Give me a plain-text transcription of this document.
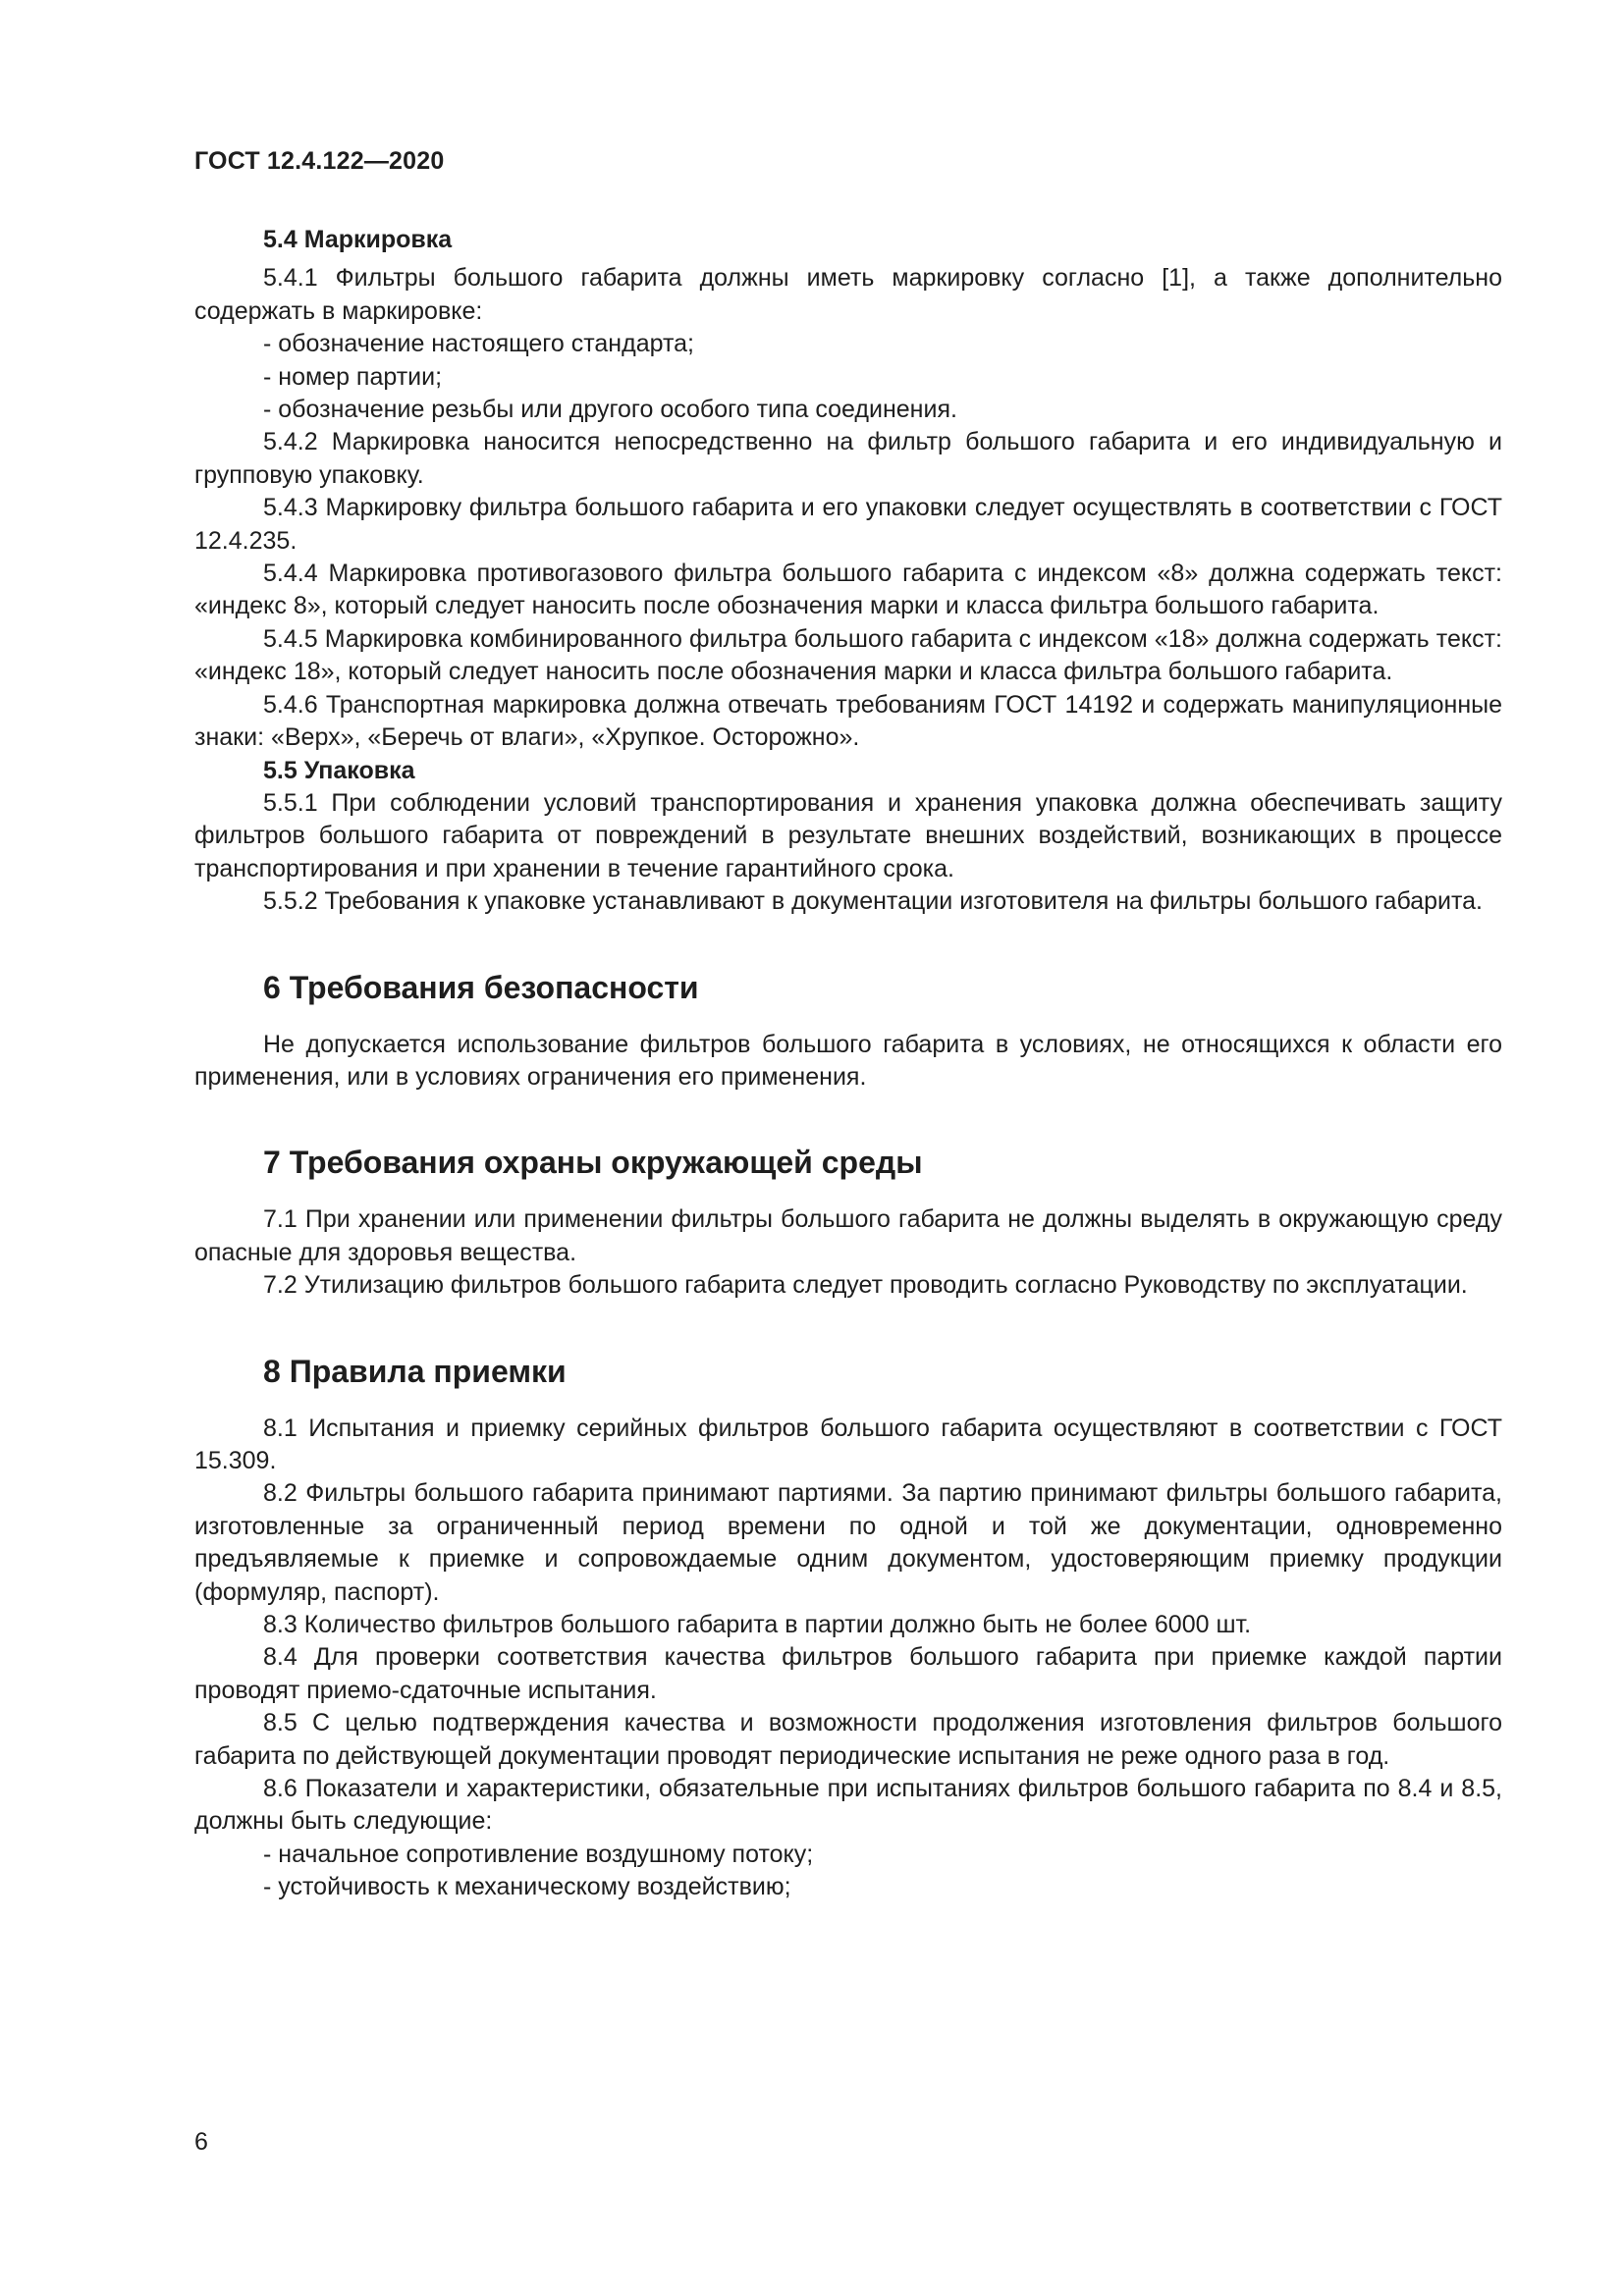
ГОСТ 12.4.122—2020
5.4 Маркировка

5.4.1 Фильтры большого габарита должны иметь маркировку согласно [1], а также дополнительно содержать в маркировке:

- обозначение настоящего стандарта;

- номер партии;

- обозначение резьбы или другого особого типа соединения.

5.4.2 Маркировка наносится непосредственно на фильтр большого габарита и его индивидуальную и групповую упаковку.

5.4.3 Маркировку фильтра большого габарита и его упаковки следует осуществлять в соответствии с ГОСТ 12.4.235.

5.4.4 Маркировка противогазового фильтра большого габарита с индексом «8» должна содержать текст: «индекс 8», который следует наносить после обозначения марки и класса фильтра большого габарита.

5.4.5 Маркировка комбинированного фильтра большого габарита с индексом «18» должна содержать текст: «индекс 18», который следует наносить после обозначения марки и класса фильтра большого габарита.

5.4.6 Транспортная маркировка должна отвечать требованиям ГОСТ 14192 и содержать манипуляционные знаки: «Верх», «Беречь от влаги», «Хрупкое. Осторожно».

5.5 Упаковка

5.5.1 При соблюдении условий транспортирования и хранения упаковка должна обеспечивать защиту фильтров большого габарита от повреждений в результате внешних воздействий, возникающих в процессе транспортирования и при хранении в течение гарантийного срока.

5.5.2 Требования к упаковке устанавливают в документации изготовителя на фильтры большого габарита.

6 Требования безопасности

Не допускается использование фильтров большого габарита в условиях, не относящихся к области его применения, или в условиях ограничения его применения.

7 Требования охраны окружающей среды

7.1 При хранении или применении фильтры большого габарита не должны выделять в окружающую среду опасные для здоровья вещества.

7.2 Утилизацию фильтров большого габарита следует проводить согласно Руководству по эксплуатации.

8 Правила приемки

8.1 Испытания и приемку серийных фильтров большого габарита осуществляют в соответствии с ГОСТ 15.309.

8.2 Фильтры большого габарита принимают партиями. За партию принимают фильтры большого габарита, изготовленные за ограниченный период времени по одной и той же документации, одновременно предъявляемые к приемке и сопровождаемые одним документом, удостоверяющим приемку продукции (формуляр, паспорт).

8.3 Количество фильтров большого габарита в партии должно быть не более 6000 шт.

8.4 Для проверки соответствия качества фильтров большого габарита при приемке каждой партии проводят приемо-сдаточные испытания.

8.5 С целью подтверждения качества и возможности продолжения изготовления фильтров большого габарита по действующей документации проводят периодические испытания не реже одного раза в год.

8.6 Показатели и характеристики, обязательные при испытаниях фильтров большого габарита по 8.4 и 8.5, должны быть следующие:

- начальное сопротивление воздушному потоку;

- устойчивость к механическому воздействию;

6
